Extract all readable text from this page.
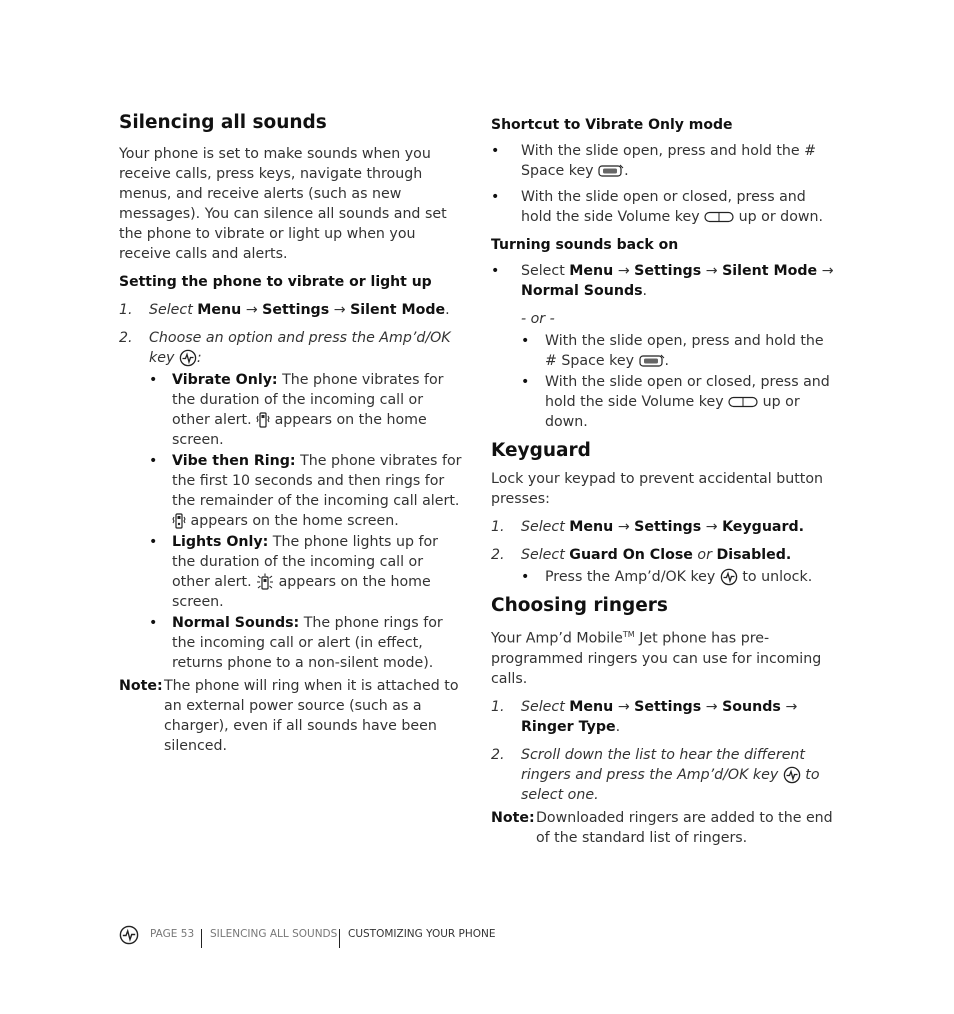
Silencing all sounds

Your phone is set to make sounds when you receive calls, press keys, navigate through menus, and receive alerts (such as new messages). You can silence all sounds and set the phone to vibrate or light up when you receive calls and alerts.

Setting the phone to vibrate or light up
1. Select Menu → Settings → Silent Mode.
2. Choose an option and press the Amp’d/OK key :
• Vibrate Only: The phone vibrates for the duration of the incoming call or other alert. appears on the home screen.
• Vibe then Ring: The phone vibrates for the first 10 seconds and then rings for the remainder of the incoming call alert.
appears on the home screen.
• Lights Only: The phone lights up for the duration of the incoming call or other alert. appears on the home screen.
• Normal Sounds: The phone rings for the incoming call or alert (in effect, returns phone to a non-silent mode).
Note: The phone will ring when it is attached to an external power source (such as a charger), even if all sounds have been silenced.
Shortcut to Vibrate Only mode
• With the slide open, press and hold the # Space key .
• With the slide open or closed, press and hold the side Volume key	up or down.
Turning sounds back on
• Select Menu → Settings → Silent Mode → Normal Sounds.

- or -

• With the slide open, press and hold the # Space key .
• With the slide open or closed, press and hold the side Volume key	up or down.
Keyguard

Lock your keypad to prevent accidental button presses:

1. Select Menu → Settings → Keyguard.
2. Select Guard On Close or Disabled.
• Press the Amp’d/OK key to unlock.
Choosing ringers

Your Amp’d Mobile™ Jet phone has pre-programmed ringers you can use for incoming calls.

1. Select Menu → Settings → Sounds → Ringer Type.
2. Scroll down the list to hear the different ringers and press the Amp’d/OK key to select one.
Note: Downloaded ringers are added to the end of the standard list of ringers.
PAGE 53 SILENCING ALL SOUNDS CUSTOMIZING YOUR PHONE
